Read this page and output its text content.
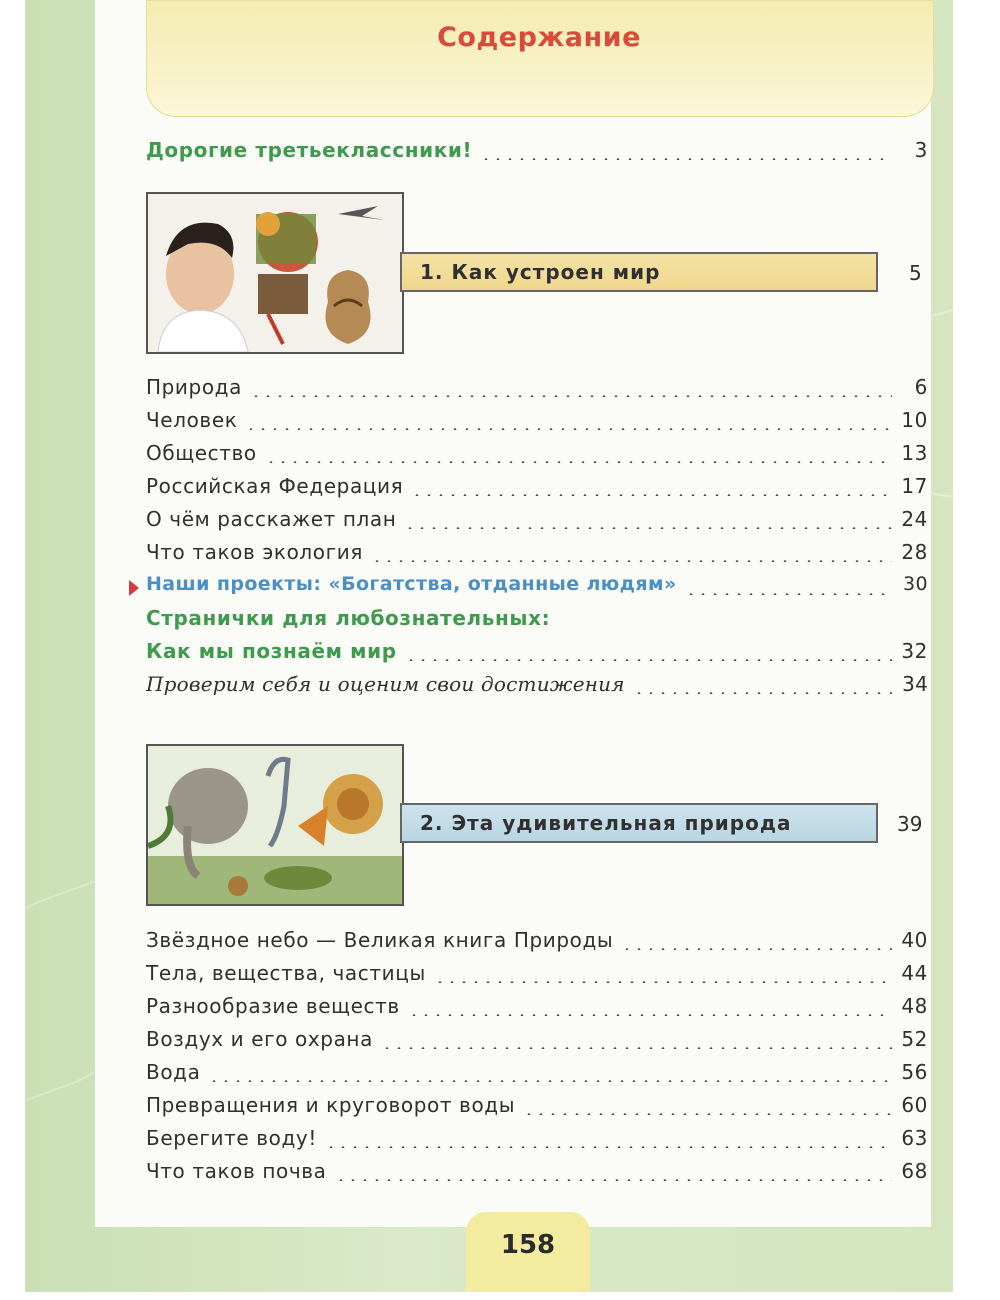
Содержание
Дорогие третьеклассники!	3
1. Как устроен мир	5
Природа	6
Человек	10
Общество	13
Российская Федерация	17
О чём расскажет план	24
Что таков экология	28
Наши проекты: «Богатства, отданные людям»	30
Странички для любознательных:
Как мы познаём мир	32
Проверим себя и оценим свои достижения	34
2. Эта удивительная природа	39
Звёздное небо — Великая книга Природы	40
Тела, вещества, частицы	44
Разнообразие веществ	48
Воздух и его охрана	52
Вода	56
Превращения и круговорот воды	60
Берегите воду!	63
Что таков почва	68
158
